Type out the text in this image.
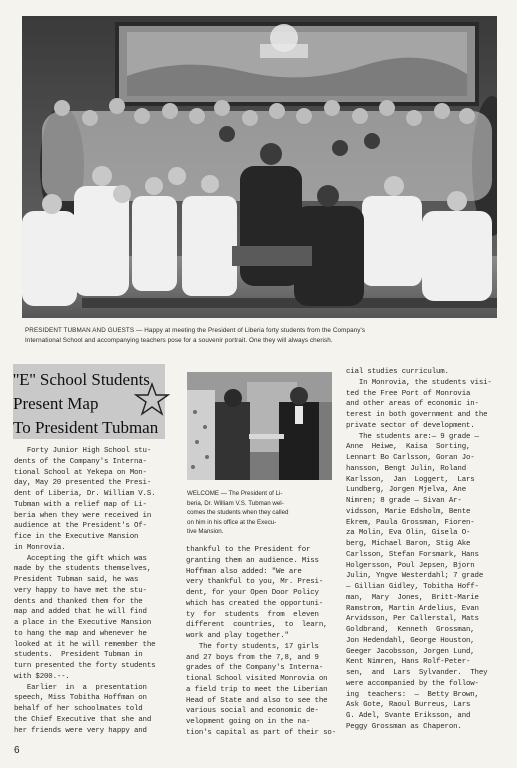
PRESIDENT TUBMAN AND GUESTS — Happy at meeting the President of Liberia forty students from the Company's
International School and accompanying teachers pose for a souvenir portrait. One they will always cherish.
''E'' School Students
Present Map
To President Tubman
Forty Junior High School stu-
dents of the Company's Interna-
tional School at Yekepa on Mon-
day, May 20 presented the Presi-
dent of Liberia, Dr. William V.S.
Tubman with a relief map of Li-
beria when they were received in
audience at the President's Of-
fice in the Executive Mansion
in Monrovia.
Accepting the gift which was
made by the students themselves,
President Tubman said, he was
very happy to have met the stu-
dents and thanked them for the
map and added that he will find
a place in the Executive Mansion
to hang the map and whenever he
looked at it he will remember the
students.  President Tubman in
turn presented the forty students
with $200.--.
Earlier  in  a  presentation
speech, Miss Tobitha Hoffman on
behalf of her schoolmates told
the Chief Executive that she and
her friends were very happy and
WELCOME — The President of Li-
beria, Dr. William V.S. Tubman wel-
comes the students when they called
on him in his office at the Execu-
tive Mansion.
thankful to the President for
granting them an audience. Miss
Hoffman also added: "We are
very thankful to you, Mr. Presi-
dent, for your Open Door Policy
which has created the opportuni-
ty  for  students  from  eleven
different  countries,  to  learn,
work and play together."
The forty students, 17 girls
and 27 boys from the 7,8, and 9
grades of the Company's Interna-
tional School visited Monrovia on
a field trip to meet the Liberian
Head of State and also to see the
various social and economic de-
velopment going on in the na-
tion's capital as part of their so-
cial studies curriculum.
In Monrovia, the students visi-
ted the Free Port of Monrovia
and other areas of economic in-
terest in both government and the
private sector of development.
The students are:— 9 grade —
Anne  Heiwe,  Kaisa  Sorting,
Lennart Bo Carlsson, Goran Jo-
hansson, Bengt Julin, Roland
Karlsson,  Jan  Loggert,  Lars
Lundberg, Jorgen Mjelva, Ane
Nimren; 8 grade — Sivan Ar-
vidsson, Marie Edsholm, Bente
Ekrem, Paula Grossman, Fioren-
za Molin, Eva Olin, Gisela O-
berg, Michael Baron, Stig Ake
Carlsson, Stefan Forsmark, Hans
Holgersson, Poul Jepsen, Bjorn
Julin, Yngve Westerdahl; 7 grade
— Gillian Gidley, Tobitha Hoff-
man,  Mary  Jones,  Britt-Marie
Ramstrom, Martin Ardelius, Evan
Arvidsson, Per Callerstal, Mats
Goldbrand,  Kenneth  Grossman,
Jon Hedendahl, George Houston,
Geeger Jacobsson, Jorgen Lund,
Kent Nimren, Hans Rolf-Peter-
sen,  and  Lars  Sylvander.  They
were accompanied by the follow-
ing  teachers:  —  Betty Brown,
Ask Gote, Raoul Burreus, Lars
G. Adel, Svante Eriksson, and
Peggy Grossman as Chaperon.
6
